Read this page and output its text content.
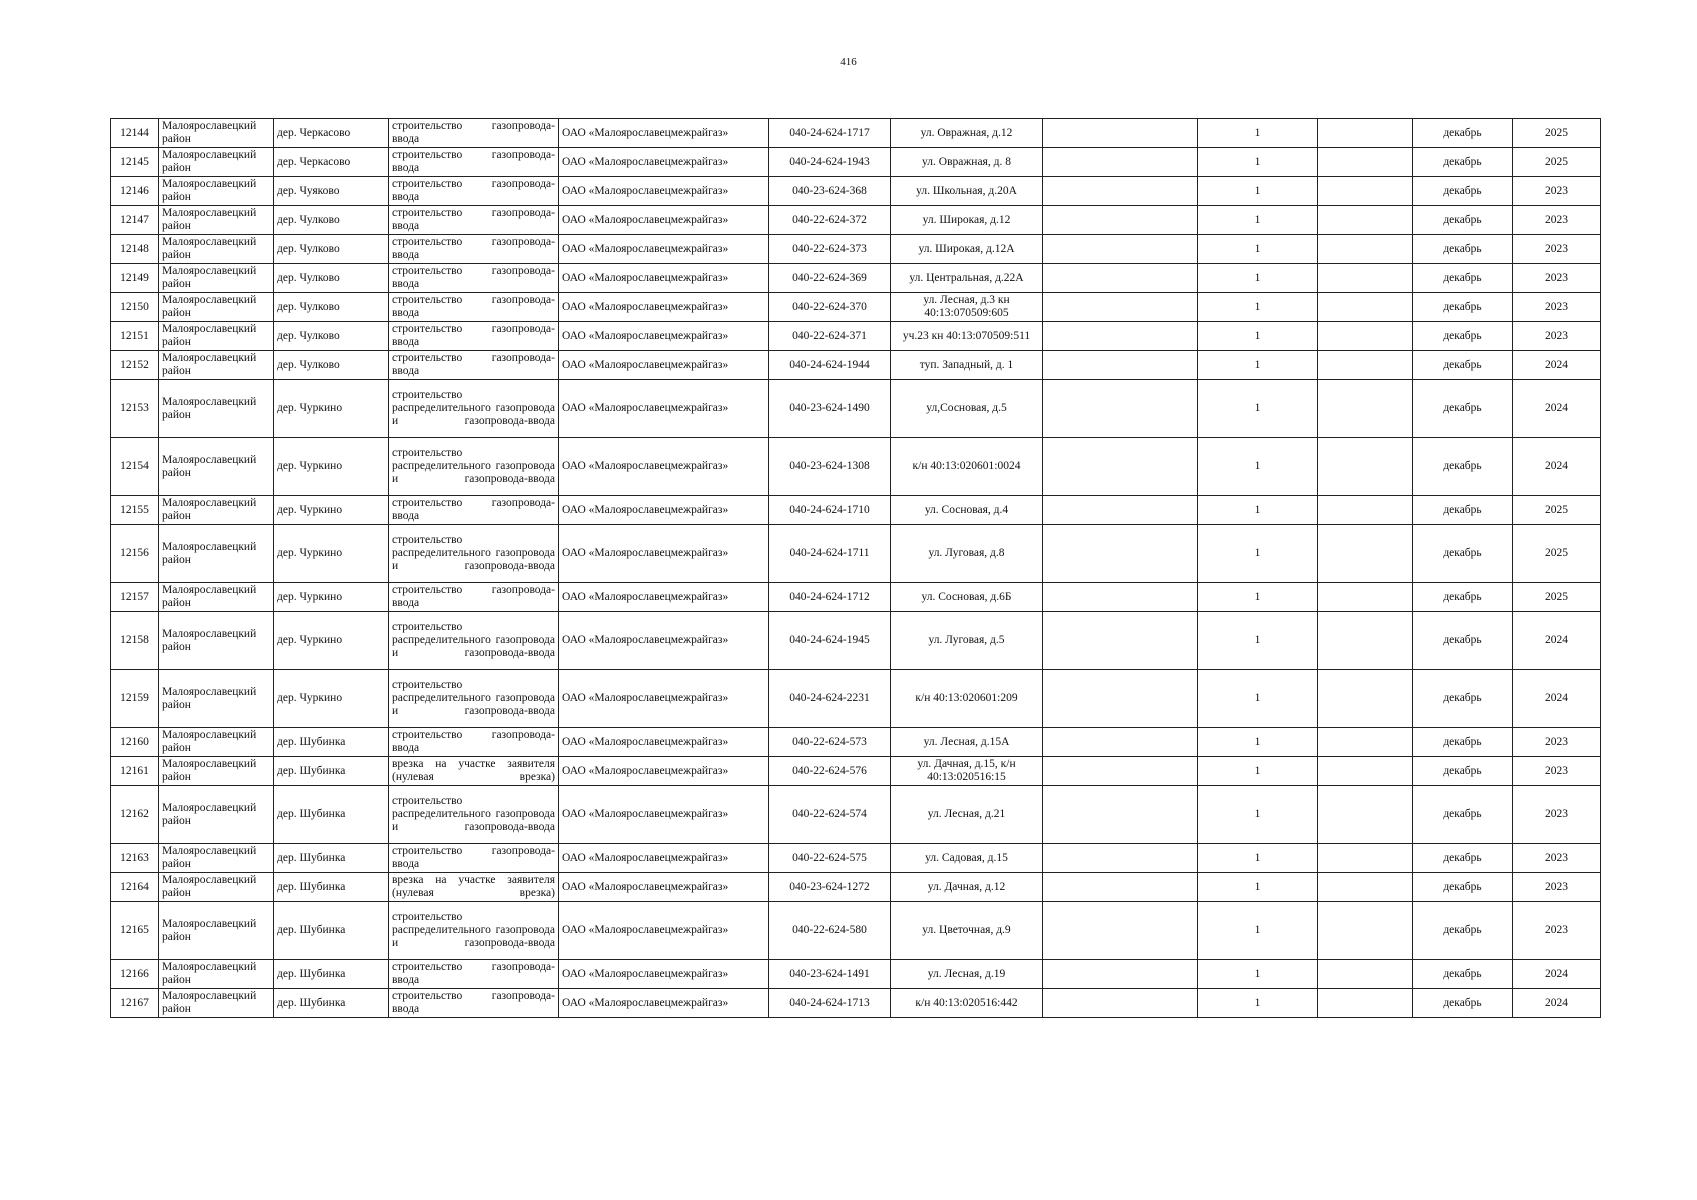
416
12144	Малоярославецкий район	дер. Черкасово	строительство газопровода-ввода	ОАО «Малоярославецмежрайгаз»	040-24-624-1717	ул. Овражная, д.12		1		декабрь	2025
12145	Малоярославецкий район	дер. Черкасово	строительство газопровода-ввода	ОАО «Малоярославецмежрайгаз»	040-24-624-1943	ул. Овражная, д. 8		1		декабрь	2025
12146	Малоярославецкий район	дер. Чуяково	строительство газопровода-ввода	ОАО «Малоярославецмежрайгаз»	040-23-624-368	ул. Школьная, д.20А		1		декабрь	2023
12147	Малоярославецкий район	дер. Чулково	строительство газопровода-ввода	ОАО «Малоярославецмежрайгаз»	040-22-624-372	ул. Широкая, д.12		1		декабрь	2023
12148	Малоярославецкий район	дер. Чулково	строительство газопровода-ввода	ОАО «Малоярославецмежрайгаз»	040-22-624-373	ул. Широкая, д.12А		1		декабрь	2023
12149	Малоярославецкий район	дер. Чулково	строительство газопровода-ввода	ОАО «Малоярославецмежрайгаз»	040-22-624-369	ул. Центральная, д.22А		1		декабрь	2023
12150	Малоярославецкий район	дер. Чулково	строительство газопровода-ввода	ОАО «Малоярославецмежрайгаз»	040-22-624-370	ул. Лесная, д.3 кн 40:13:070509:605		1		декабрь	2023
12151	Малоярославецкий район	дер. Чулково	строительство газопровода-ввода	ОАО «Малоярославецмежрайгаз»	040-22-624-371	уч.23 кн 40:13:070509:511		1		декабрь	2023
12152	Малоярославецкий район	дер. Чулково	строительство газопровода-ввода	ОАО «Малоярославецмежрайгаз»	040-24-624-1944	туп. Западный, д. 1		1		декабрь	2024
12153	Малоярославецкий район	дер. Чуркино	строительство распределительного газопровода и газопровода-ввода	ОАО «Малоярославецмежрайгаз»	040-23-624-1490	ул,Сосновая, д.5		1		декабрь	2024
12154	Малоярославецкий район	дер. Чуркино	строительство распределительного газопровода и газопровода-ввода	ОАО «Малоярославецмежрайгаз»	040-23-624-1308	к/н 40:13:020601:0024		1		декабрь	2024
12155	Малоярославецкий район	дер. Чуркино	строительство газопровода-ввода	ОАО «Малоярославецмежрайгаз»	040-24-624-1710	ул. Сосновая, д.4		1		декабрь	2025
12156	Малоярославецкий район	дер. Чуркино	строительство распределительного газопровода и газопровода-ввода	ОАО «Малоярославецмежрайгаз»	040-24-624-1711	ул. Луговая, д.8		1		декабрь	2025
12157	Малоярославецкий район	дер. Чуркино	строительство газопровода-ввода	ОАО «Малоярославецмежрайгаз»	040-24-624-1712	ул. Сосновая, д.6Б		1		декабрь	2025
12158	Малоярославецкий район	дер. Чуркино	строительство распределительного газопровода и газопровода-ввода	ОАО «Малоярославецмежрайгаз»	040-24-624-1945	ул. Луговая, д.5		1		декабрь	2024
12159	Малоярославецкий район	дер. Чуркино	строительство распределительного газопровода и газопровода-ввода	ОАО «Малоярославецмежрайгаз»	040-24-624-2231	к/н 40:13:020601:209		1		декабрь	2024
12160	Малоярославецкий район	дер. Шубинка	строительство газопровода-ввода	ОАО «Малоярославецмежрайгаз»	040-22-624-573	ул. Лесная, д.15А		1		декабрь	2023
12161	Малоярославецкий район	дер. Шубинка	врезка на участке заявителя (нулевая врезка)	ОАО «Малоярославецмежрайгаз»	040-22-624-576	ул. Дачная, д.15, к/н 40:13:020516:15		1		декабрь	2023
12162	Малоярославецкий район	дер. Шубинка	строительство распределительного газопровода и газопровода-ввода	ОАО «Малоярославецмежрайгаз»	040-22-624-574	ул. Лесная, д.21		1		декабрь	2023
12163	Малоярославецкий район	дер. Шубинка	строительство газопровода-ввода	ОАО «Малоярославецмежрайгаз»	040-22-624-575	ул. Садовая, д.15		1		декабрь	2023
12164	Малоярославецкий район	дер. Шубинка	врезка на участке заявителя (нулевая врезка)	ОАО «Малоярославецмежрайгаз»	040-23-624-1272	ул. Дачная, д.12		1		декабрь	2023
12165	Малоярославецкий район	дер. Шубинка	строительство распределительного газопровода и газопровода-ввода	ОАО «Малоярославецмежрайгаз»	040-22-624-580	ул. Цветочная, д.9		1		декабрь	2023
12166	Малоярославецкий район	дер. Шубинка	строительство газопровода-ввода	ОАО «Малоярославецмежрайгаз»	040-23-624-1491	ул. Лесная, д.19		1		декабрь	2024
12167	Малоярославецкий район	дер. Шубинка	строительство газопровода-ввода	ОАО «Малоярославецмежрайгаз»	040-24-624-1713	к/н 40:13:020516:442		1		декабрь	2024
